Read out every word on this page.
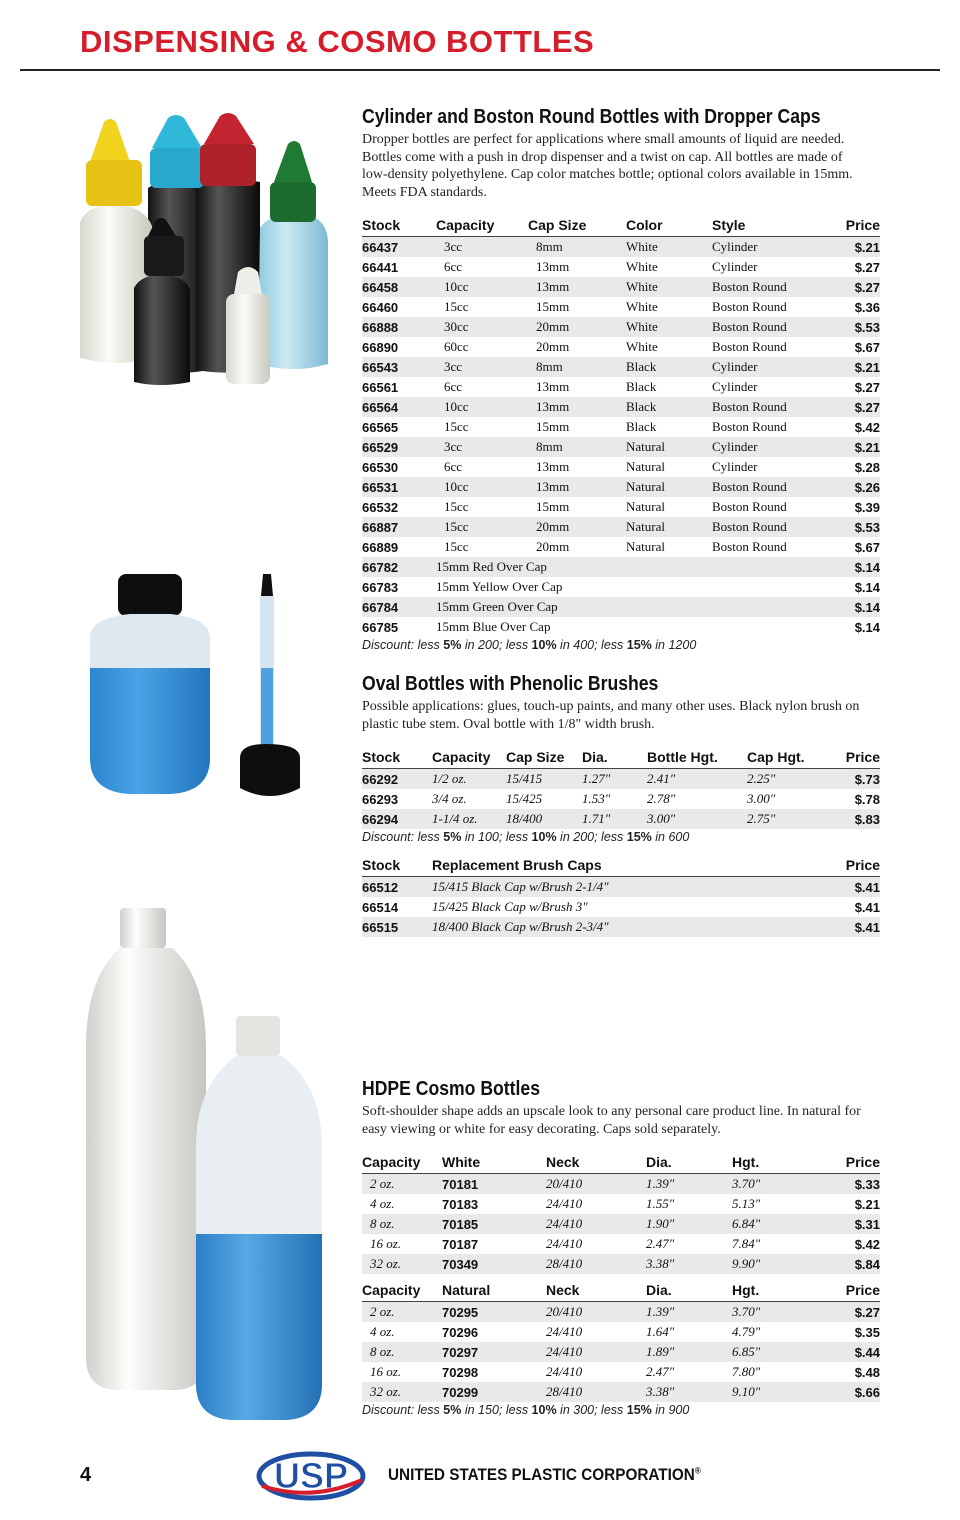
DISPENSING & COSMO BOTTLES
Cylinder and Boston Round Bottles with Dropper Caps
Dropper bottles are perfect for applications where small amounts of liquid are needed. Bottles come with a push in drop dispenser and a twist on cap. All bottles are made of low-density polyethylene. Cap color matches bottle; optional colors available in 15mm. Meets FDA standards.
Stock	Capacity	Cap Size	Color	Style	Price
66437	3cc	8mm	White	Cylinder	$.21
66441	6cc	13mm	White	Cylinder	$.27
66458	10cc	13mm	White	Boston Round	$.27
66460	15cc	15mm	White	Boston Round	$.36
66888	30cc	20mm	White	Boston Round	$.53
66890	60cc	20mm	White	Boston Round	$.67
66543	3cc	8mm	Black	Cylinder	$.21
66561	6cc	13mm	Black	Cylinder	$.27
66564	10cc	13mm	Black	Boston Round	$.27
66565	15cc	15mm	Black	Boston Round	$.42
66529	3cc	8mm	Natural	Cylinder	$.21
66530	6cc	13mm	Natural	Cylinder	$.28
66531	10cc	13mm	Natural	Boston Round	$.26
66532	15cc	15mm	Natural	Boston Round	$.39
66887	15cc	20mm	Natural	Boston Round	$.53
66889	15cc	20mm	Natural	Boston Round	$.67
66782	15mm Red Over Cap				$.14
66783	15mm Yellow Over Cap				$.14
66784	15mm Green Over Cap				$.14
66785	15mm Blue Over Cap				$.14
Discount: less 5% in 200; less 10% in 400; less 15% in 1200
Oval Bottles with Phenolic Brushes
Possible applications: glues, touch-up paints, and many other uses. Black nylon brush on plastic tube stem. Oval bottle with 1/8" width brush.
Stock	Capacity	Cap Size	Dia.	Bottle Hgt.	Cap Hgt.	Price
66292	1/2 oz.	15/415	1.27"	2.41"	2.25"	$.73
66293	3/4 oz.	15/425	1.53"	2.78"	3.00"	$.78
66294	1-1/4 oz.	18/400	1.71"	3.00"	2.75"	$.83
Discount: less 5% in 100; less 10% in 200; less 15% in 600
Stock	Replacement Brush Caps	Price
66512	15/415 Black Cap w/Brush 2-1/4"	$.41
66514	15/425 Black Cap w/Brush 3"	$.41
66515	18/400 Black Cap w/Brush 2-3/4"	$.41
HDPE Cosmo Bottles
Soft-shoulder shape adds an upscale look to any personal care product line. In natural for easy viewing or white for easy decorating. Caps sold separately.
Capacity	White	Neck	Dia.	Hgt.	Price
2 oz.	70181	20/410	1.39"	3.70"	$.33
4 oz.	70183	24/410	1.55"	5.13"	$.21
8 oz.	70185	24/410	1.90"	6.84"	$.31
16 oz.	70187	24/410	2.47"	7.84"	$.42
32 oz.	70349	28/410	3.38"	9.90"	$.84
Capacity	Natural	Neck	Dia.	Hgt.	Price
2 oz.	70295	20/410	1.39"	3.70"	$.27
4 oz.	70296	24/410	1.64"	4.79"	$.35
8 oz.	70297	24/410	1.89"	6.85"	$.44
16 oz.	70298	24/410	2.47"	7.80"	$.48
32 oz.	70299	28/410	3.38"	9.10"	$.66
Discount: less 5% in 150; less 10% in 300; less 15% in 900
4	USP UNITED STATES PLASTIC CORPORATION®
